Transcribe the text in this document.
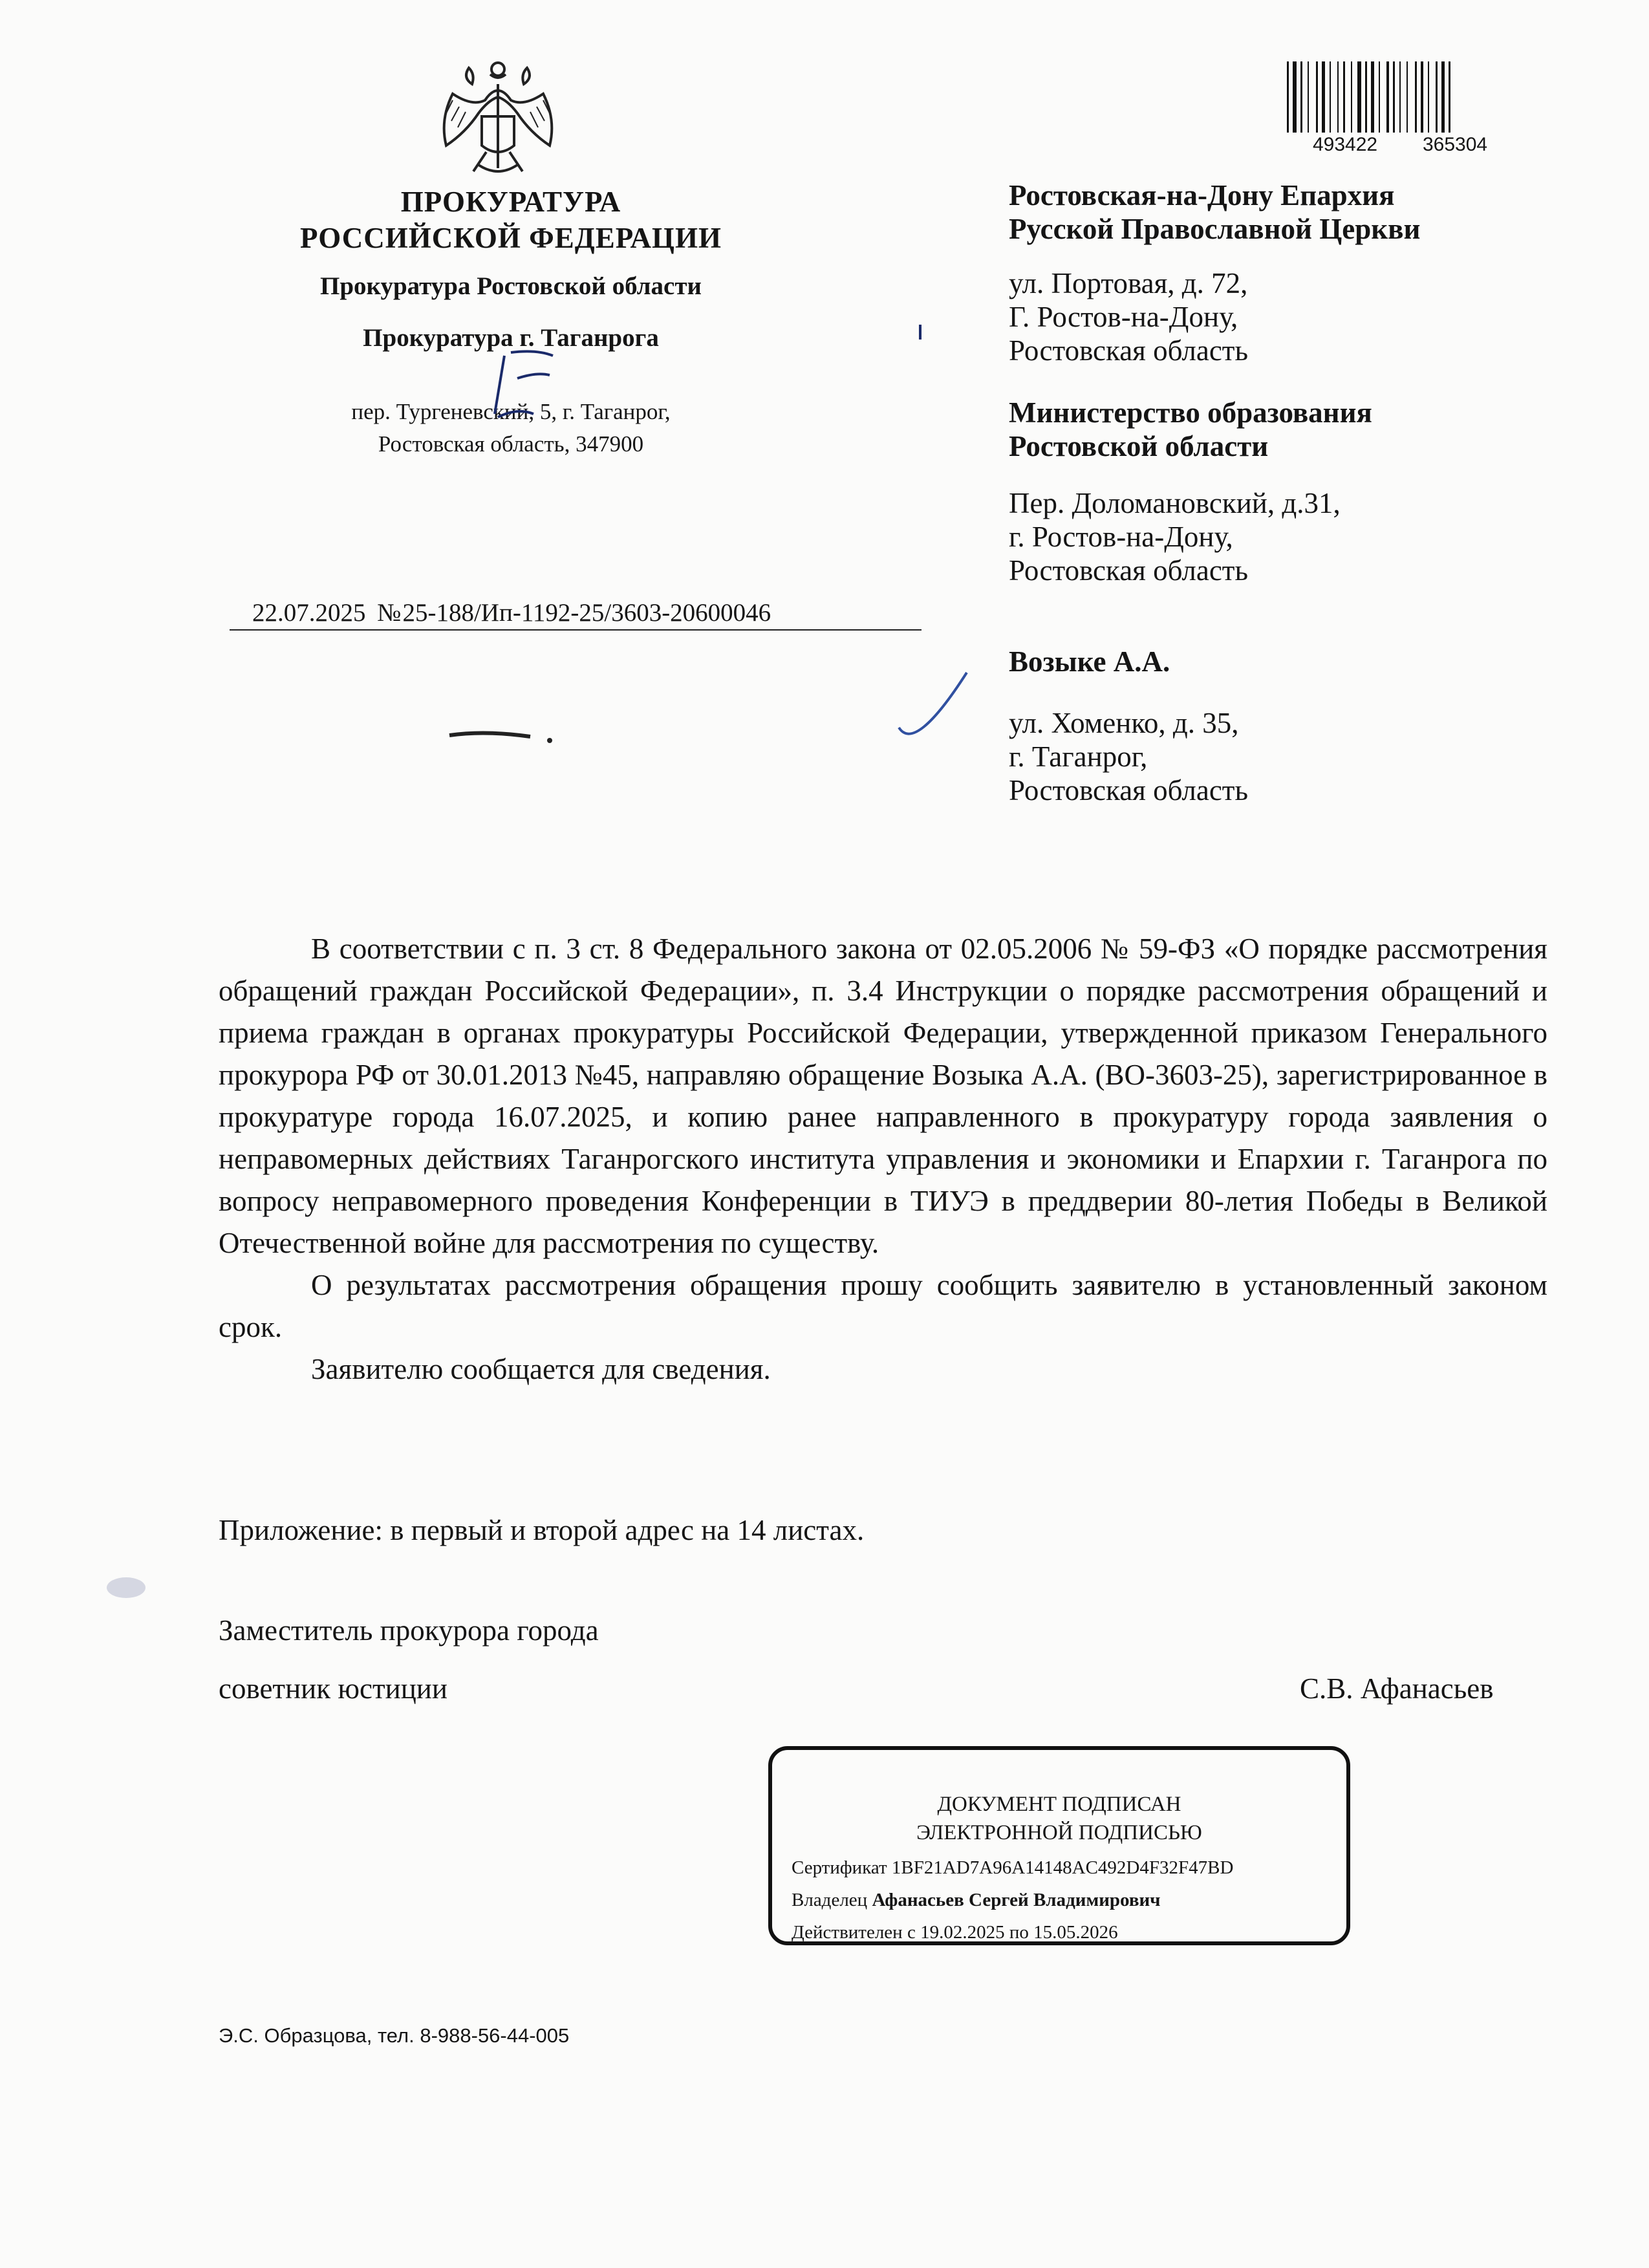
493422 365304
ПРОКУРАТУРА
РОССИЙСКОЙ ФЕДЕРАЦИИ
Прокуратура Ростовской области
Прокуратура г. Таганрога
пер. Тургеневский, 5, г. Таганрог,
Ростовская область, 347900
22.07.2025 №25-188/Ип-1192-25/3603-20600046
Ростовская-на-Дону Епархия
Русской Православной Церкви
ул. Портовая, д. 72,
Г. Ростов-на-Дону,
Ростовская область
Министерство образования
Ростовской области
Пер. Доломановский, д.31,
г. Ростов-на-Дону,
Ростовская область
Возыке А.А.
ул. Хоменко, д. 35,
г. Таганрог,
Ростовская область

В соответствии с п. 3 ст. 8 Федерального закона от 02.05.2006 № 59-ФЗ «О порядке рассмотрения обращений граждан Российской Федерации», п. 3.4 Инструкции о порядке рассмотрения обращений и приема граждан в органах прокуратуры Российской Федерации, утвержденной приказом Генерального прокурора РФ от 30.01.2013 №45, направляю обращение Возыка А.А. (ВО-3603-25), зарегистрированное в прокуратуре города 16.07.2025, и копию ранее направленного в прокуратуру города заявления о неправомерных действиях Таганрогского института управления и экономики и Епархии г. Таганрога по вопросу неправомерного проведения Конференции в ТИУЭ в преддверии 80-летия Победы в Великой Отечественной войне для рассмотрения по существу.

О результатах рассмотрения обращения прошу сообщить заявителю в установленный законом срок.

Заявителю сообщается для сведения.

Приложение: в первый и второй адрес на 14 листах.
Заместитель прокурора города
советник юстиции	С.В. Афанасьев
ДОКУМЕНТ ПОДПИСАН
ЭЛЕКТРОННОЙ ПОДПИСЬЮ
Сертификат 1BF21AD7A96A14148AC492D4F32F47BD
Владелец Афанасьев Сергей Владимирович
Действителен с 19.02.2025 по 15.05.2026
Э.С. Образцова, тел. 8-988-56-44-005
